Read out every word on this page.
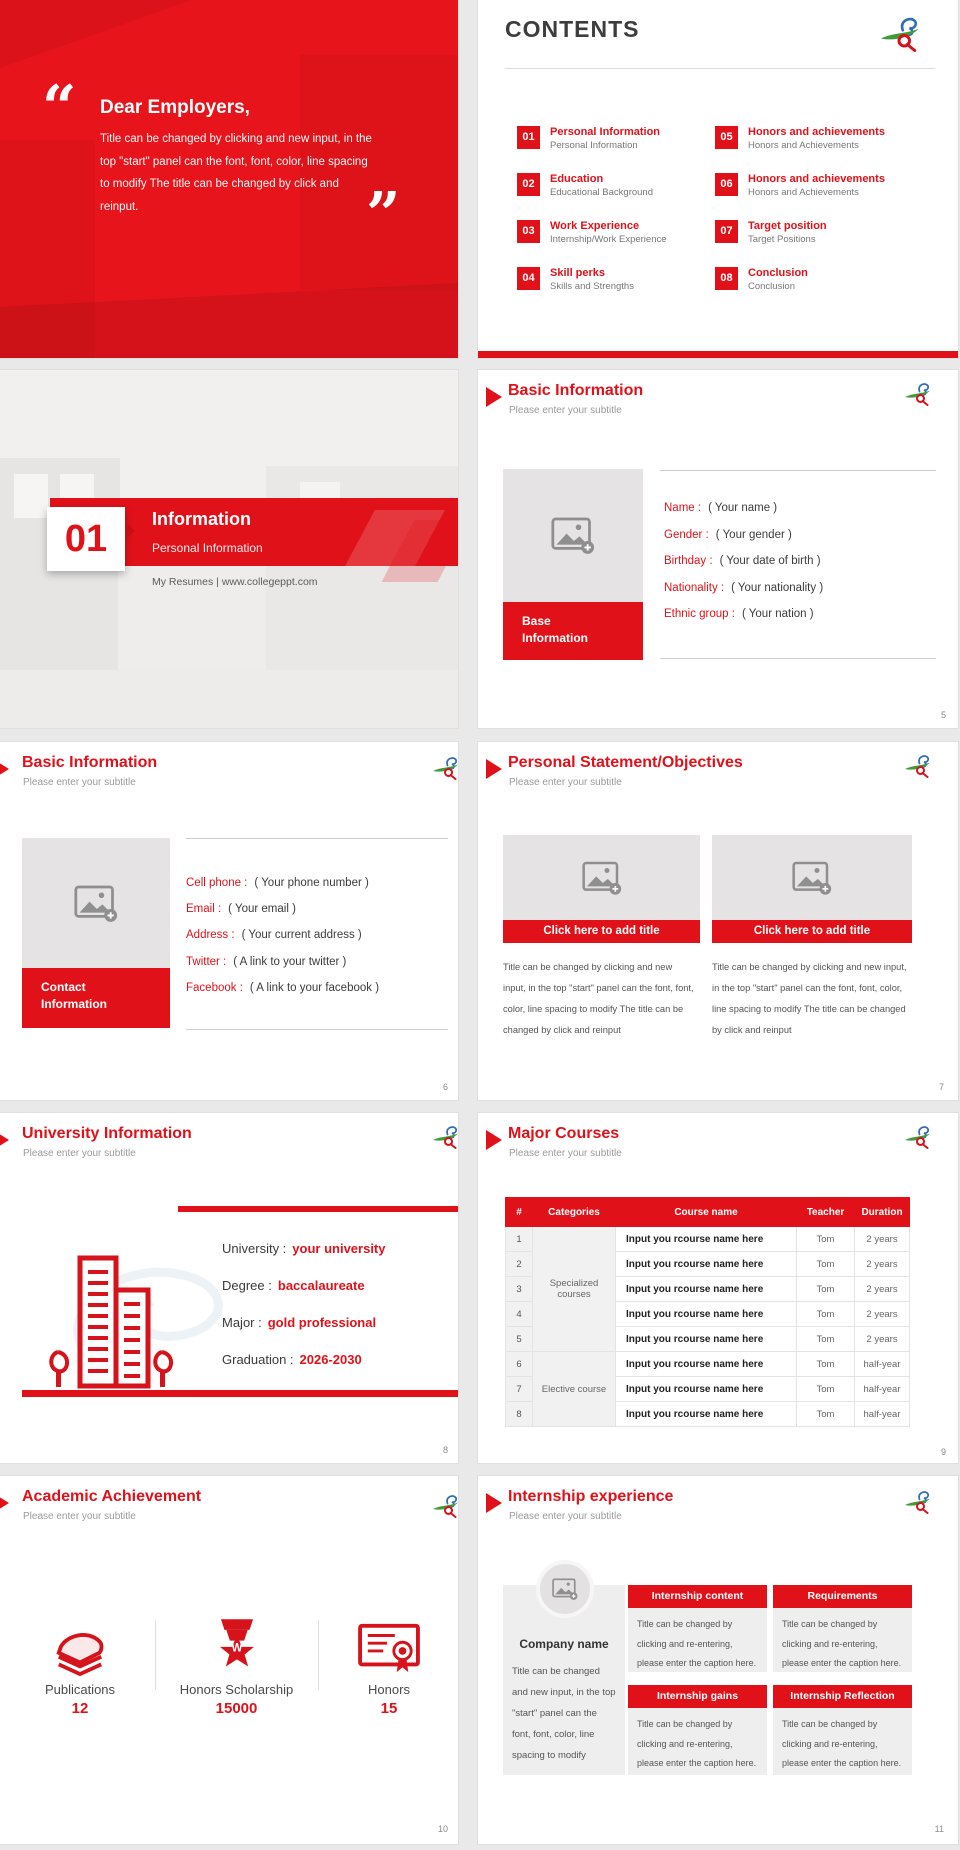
“ Dear Employers,
Title can be changed by clicking and new input, in the top "start" panel can the font, font, color, line spacing to modify The title can be changed by click and reinput.	”
CONTENTS
01	Personal Information
Personal Information
02	Education
Educational Background
03	Work Experience
Internship/Work Experience
04	Skill perks
Skills and Strengths
05	Honors and achievements
Honors and Achievements
06	Honors and achievements
Honors and Achievements
07	Target position
Target Positions
08	Conclusion
Conclusion
01	Information
Personal Information
My Resumes | www.collegeppt.com
Basic Information
Please enter your subtitle
Base
Information
Name : ( Your name )
Gender : ( Your gender )
Birthday : ( Your date of birth )
Nationality : ( Your nationality )
Ethnic group : ( Your nation )
5
Basic Information
Please enter your subtitle
Contact
Information
Cell phone : ( Your phone number )
Email : ( Your email )
Address : ( Your current address )
Twitter : ( A link to your twitter )
Facebook : ( A link to your facebook )
6
Personal Statement/Objectives
Please enter your subtitle
Click here to add title
Title can be changed by clicking and new input, in the top "start" panel can the font, font, color, line spacing to modify The title can be changed by click and reinput
Click here to add title
Title can be changed by clicking and new input, in the top "start" panel can the font, font, color, line spacing to modify The title can be changed by click and reinput
7
University Information
Please enter your subtitle
University : your university
Degree : baccalaureate
Major : gold professional
Graduation : 2026-2030
8
Major Courses
Please enter your subtitle
#	Categories	Course name	Teacher	Duration
1	Specialized courses	Input you rcourse name here	Tom	2 years
2		Input you rcourse name here	Tom	2 years
3		Input you rcourse name here	Tom	2 years
4		Input you rcourse name here	Tom	2 years
5		Input you rcourse name here	Tom	2 years
6	Elective course	Input you rcourse name here	Tom	half-year
7		Input you rcourse name here	Tom	half-year
8		Input you rcourse name here	Tom	half-year
9
Academic Achievement
Please enter your subtitle
Publications
12
W
Honors Scholarship
15000
Honors
15
10
Internship experience
Please enter your subtitle
Company name
Title can be changed and new input, in the top "start" panel can the font, font, color, line spacing to modify
Internship content
Title can be changed by clicking and re-entering, please enter the caption here.
Requirements
Title can be changed by clicking and re-entering, please enter the caption here.
Internship gains
Title can be changed by clicking and re-entering, please enter the caption here.
Internship Reflection
Title can be changed by clicking and re-entering, please enter the caption here.
11
